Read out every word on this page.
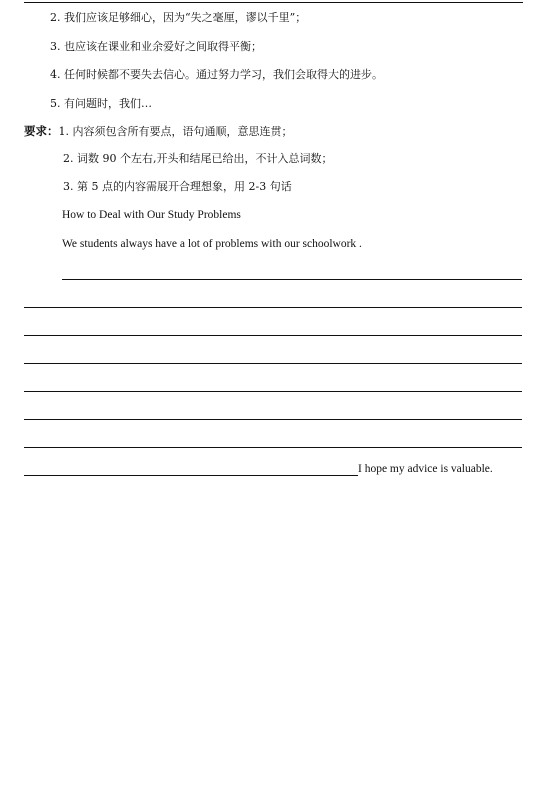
2. 我们应该足够细心，因为“失之毫厘，谬以千里”；
3. 也应该在课业和业余爱好之间取得平衡；
4. 任何时候都不要失去信心。通过努力学习，我们会取得大的进步。
5. 有问题时，我们…
要求：1. 内容须包含所有要点，语句通顺，意思连贯；
2. 词数 90 个左右,开头和结尾已给出，不计入总词数；
3. 第 5 点的内容需展开合理想象，用 2-3 句话
How to Deal with Our Study Problems
We students always have a lot of problems with our schoolwork .
I hope my advice is valuable.
